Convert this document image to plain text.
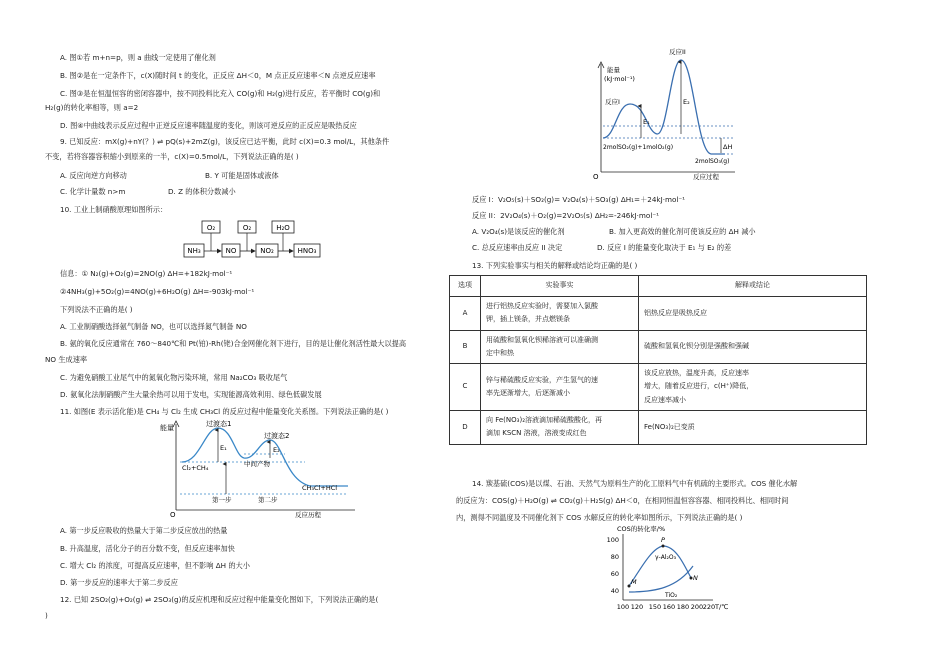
A. 图①若 m+n=p，则 a 曲线一定使用了催化剂
B. 图②是在一定条件下，c(X)随时间 t 的变化，正反应 ΔH＜0，M 点正反应速率＜N 点逆反应速率
C. 图③是在恒温恒容的密闭容器中，按不同投料比充入 CO(g)和 H₂(g)进行反应，若平衡时 CO(g)和
H₂(g)的转化率相等，则 a=2
D. 图④中曲线表示反应过程中正逆反应速率随温度的变化，则该可逆反应的正反应是吸热反应
9. 已知反应：mX(g)+nY(？) ⇌ pQ(s)+2mZ(g)，该反应已达平衡，此时 c(X)=0.3 mol/L，其他条件
不变，若将容器容积缩小到原来的一半，c(X)=0.5mol/L，下列说法正确的是( )
A. 反应向逆方向移动	B. Y 可能是固体或液体
C. 化学计量数 n>m	D. Z 的体积分数减小
10. 工业上制硝酸原理如图所示：
O₂	O₂	H₂O
NH₃	NO	NO₂	HNO₃
信息：① N₂(g)+O₂(g)=2NO(g) ΔH=+182kJ·mol⁻¹
②4NH₃(g)+5O₂(g)=4NO(g)+6H₂O(g) ΔH=-903kJ·mol⁻¹
下列说法不正确的是( )
A. 工业制硝酸选择氨气制备 NO，也可以选择氮气制备 NO
B. 氨的氧化反应通常在 760～840℃和 Pt(铂)-Rh(铑)合金网催化剂下进行，目的是让催化剂活性最大以提高
NO 生成速率
C. 为避免硝酸工业尾气中的氮氧化物污染环境，常用 Na₂CO₃ 吸收尾气
D. 氨氧化法制硝酸产生大量余热可以用于发电，实现能源高效利用、绿色低碳发展
11. 如图(E 表示活化能)是 CH₄ 与 Cl₂ 生成 CH₃Cl 的反应过程中能量变化关系图。下列说法正确的是( )
能量
O	反应历程
过渡态1
过渡态2
E₁	E₂
Cl₂+CH₄	中间产物
CH₃Cl+HCl
第一步	第二步
A. 第一步反应吸收的热量大于第二步反应放出的热量
B. 升高温度，活化分子的百分数不变，但反应速率加快
C. 增大 Cl₂ 的浓度，可提高反应速率，但不影响 ΔH 的大小
D. 第一步反应的速率大于第二步反应
12. 已知 2SO₂(g)+O₂(g) ⇌ 2SO₃(g)的反应机理和反应过程中能量变化图如下，下列说法正确的是(
)
能量
(kJ·mol⁻¹)
O	反应过程
反应I
反应II
E₁
E₂
ΔH
2molSO₂(g)+1molO₂(g)
2molSO₃(g)
反应 I：V₂O₅(s)＋SO₂(g)= V₂O₄(s)＋SO₃(g) ΔH₁=＋24kJ·mol⁻¹
反应 II：2V₂O₄(s)＋O₂(g)=2V₂O₅(s) ΔH₂=-246kJ·mol⁻¹
A. V₂O₄(s)是该反应的催化剂	B. 加入更高效的催化剂可使该反应的 ΔH 减小
C. 总反应速率由反应 II 决定	D. 反应 I 的能量变化取决于 E₁ 与 E₂ 的差
13. 下列实验事实与相关的解释或结论均正确的是( )
选项	实验事实	解释或结论
A	进行铝热反应实验时，需要加入氯酸
钾，插上镁条，并点燃镁条	铝热反应是吸热反应
B	用硫酸和氢氧化钡稀溶液可以准确测
定中和热	硫酸和氢氧化钡分别是强酸和强碱
C	锌与稀硫酸反应实验，产生氢气的速
率先逐渐增大，后逐渐减小	该反应放热，温度升高，反应速率
增大，随着反应进行，c(H⁺)降低，
反应速率减小
D	向 Fe(NO₃)₂溶液滴加稀硫酸酸化，再
滴加 KSCN 溶液，溶液变成红色	Fe(NO₃)₂已变质
14. 羰基硫(COS)是以煤、石油、天然气为原料生产的化工原料气中有机硫的主要形式。COS 催化水解
的反应为：COS(g)＋H₂O(g) ⇌ CO₂(g)＋H₂S(g) ΔH＜0，在相同恒温恒容容器、相同投料比、相同时间
内，测得不同温度及不同催化剂下 COS 水解反应的转化率如图所示，下列说法正确的是( )
COS的转化率/%
100
80
60
40
100 120 150 160 180 200 220 T/℃
P
M	N
γ-Al₂O₃
TiO₂
